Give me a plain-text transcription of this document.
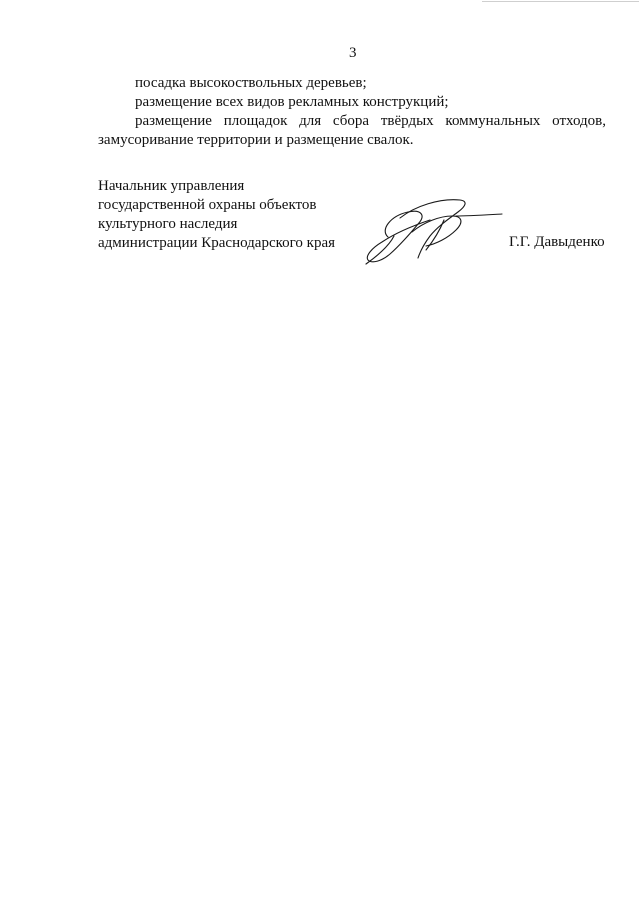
3

посадка высокоствольных деревьев;

размещение всех видов рекламных конструкций;

размещение площадок для сбора твёрдых коммунальных отходов, замусоривание территории и размещение свалок.

Начальник управления
государственной охраны объектов
культурного наследия
администрации Краснодарского края	Г.Г. Давыденко
